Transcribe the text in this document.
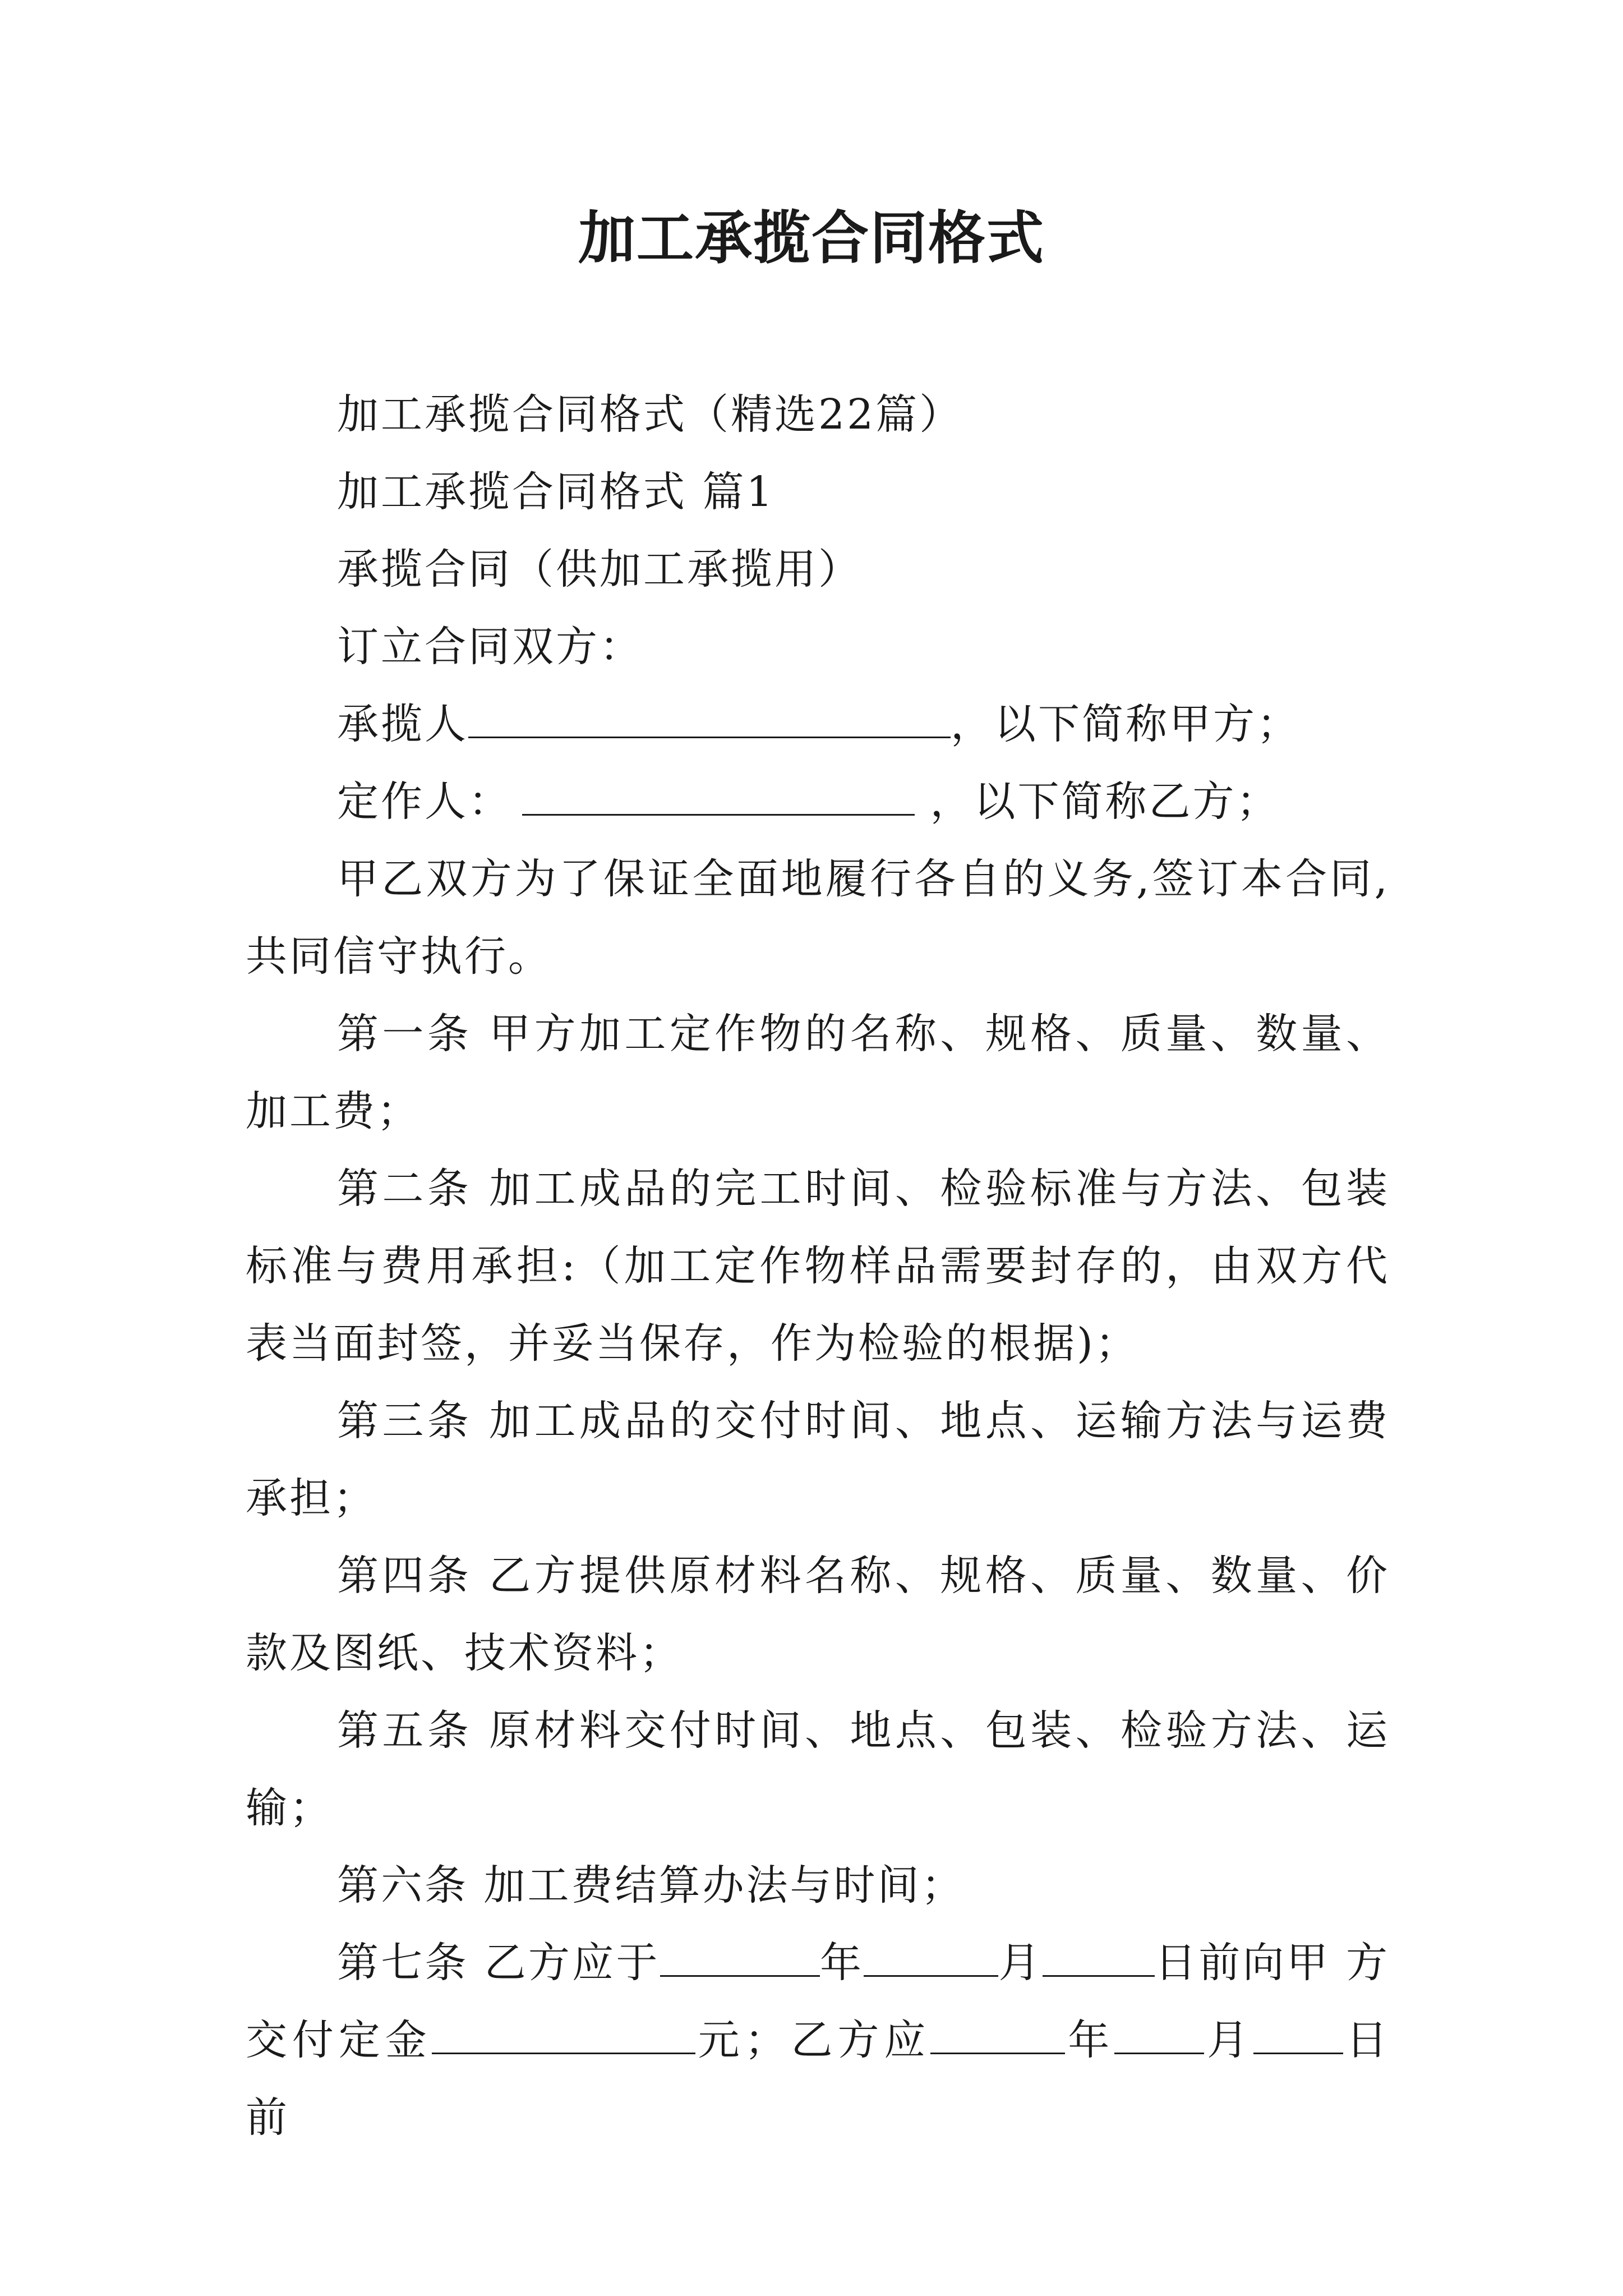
加工承揽合同格式

加工承揽合同格式（精选22篇）

加工承揽合同格式 篇1

承揽合同（供加工承揽用）

订立合同双方：

承揽人	，以下简称甲方；

定作人：	，以下简称乙方；

甲乙双方为了保证全面地履行各自的义务,签订本合同,共同信守执行。

第一条 甲方加工定作物的名称、规格、质量、数量、加工费；

第二条 加工成品的完工时间、检验标准与方法、包装标准与费用承担:（加工定作物样品需要封存的，由双方代表当面封签，并妥当保存，作为检验的根据)；

第三条 加工成品的交付时间、地点、运输方法与运费承担；

第四条 乙方提供原材料名称、规格、质量、数量、价款及图纸、技术资料；

第五条 原材料交付时间、地点、包装、检验方法、运输；

第六条 加工费结算办法与时间；

第七条 乙方应于	年	月	日前向甲 方交付定金	元；乙方应	年 月 日前
